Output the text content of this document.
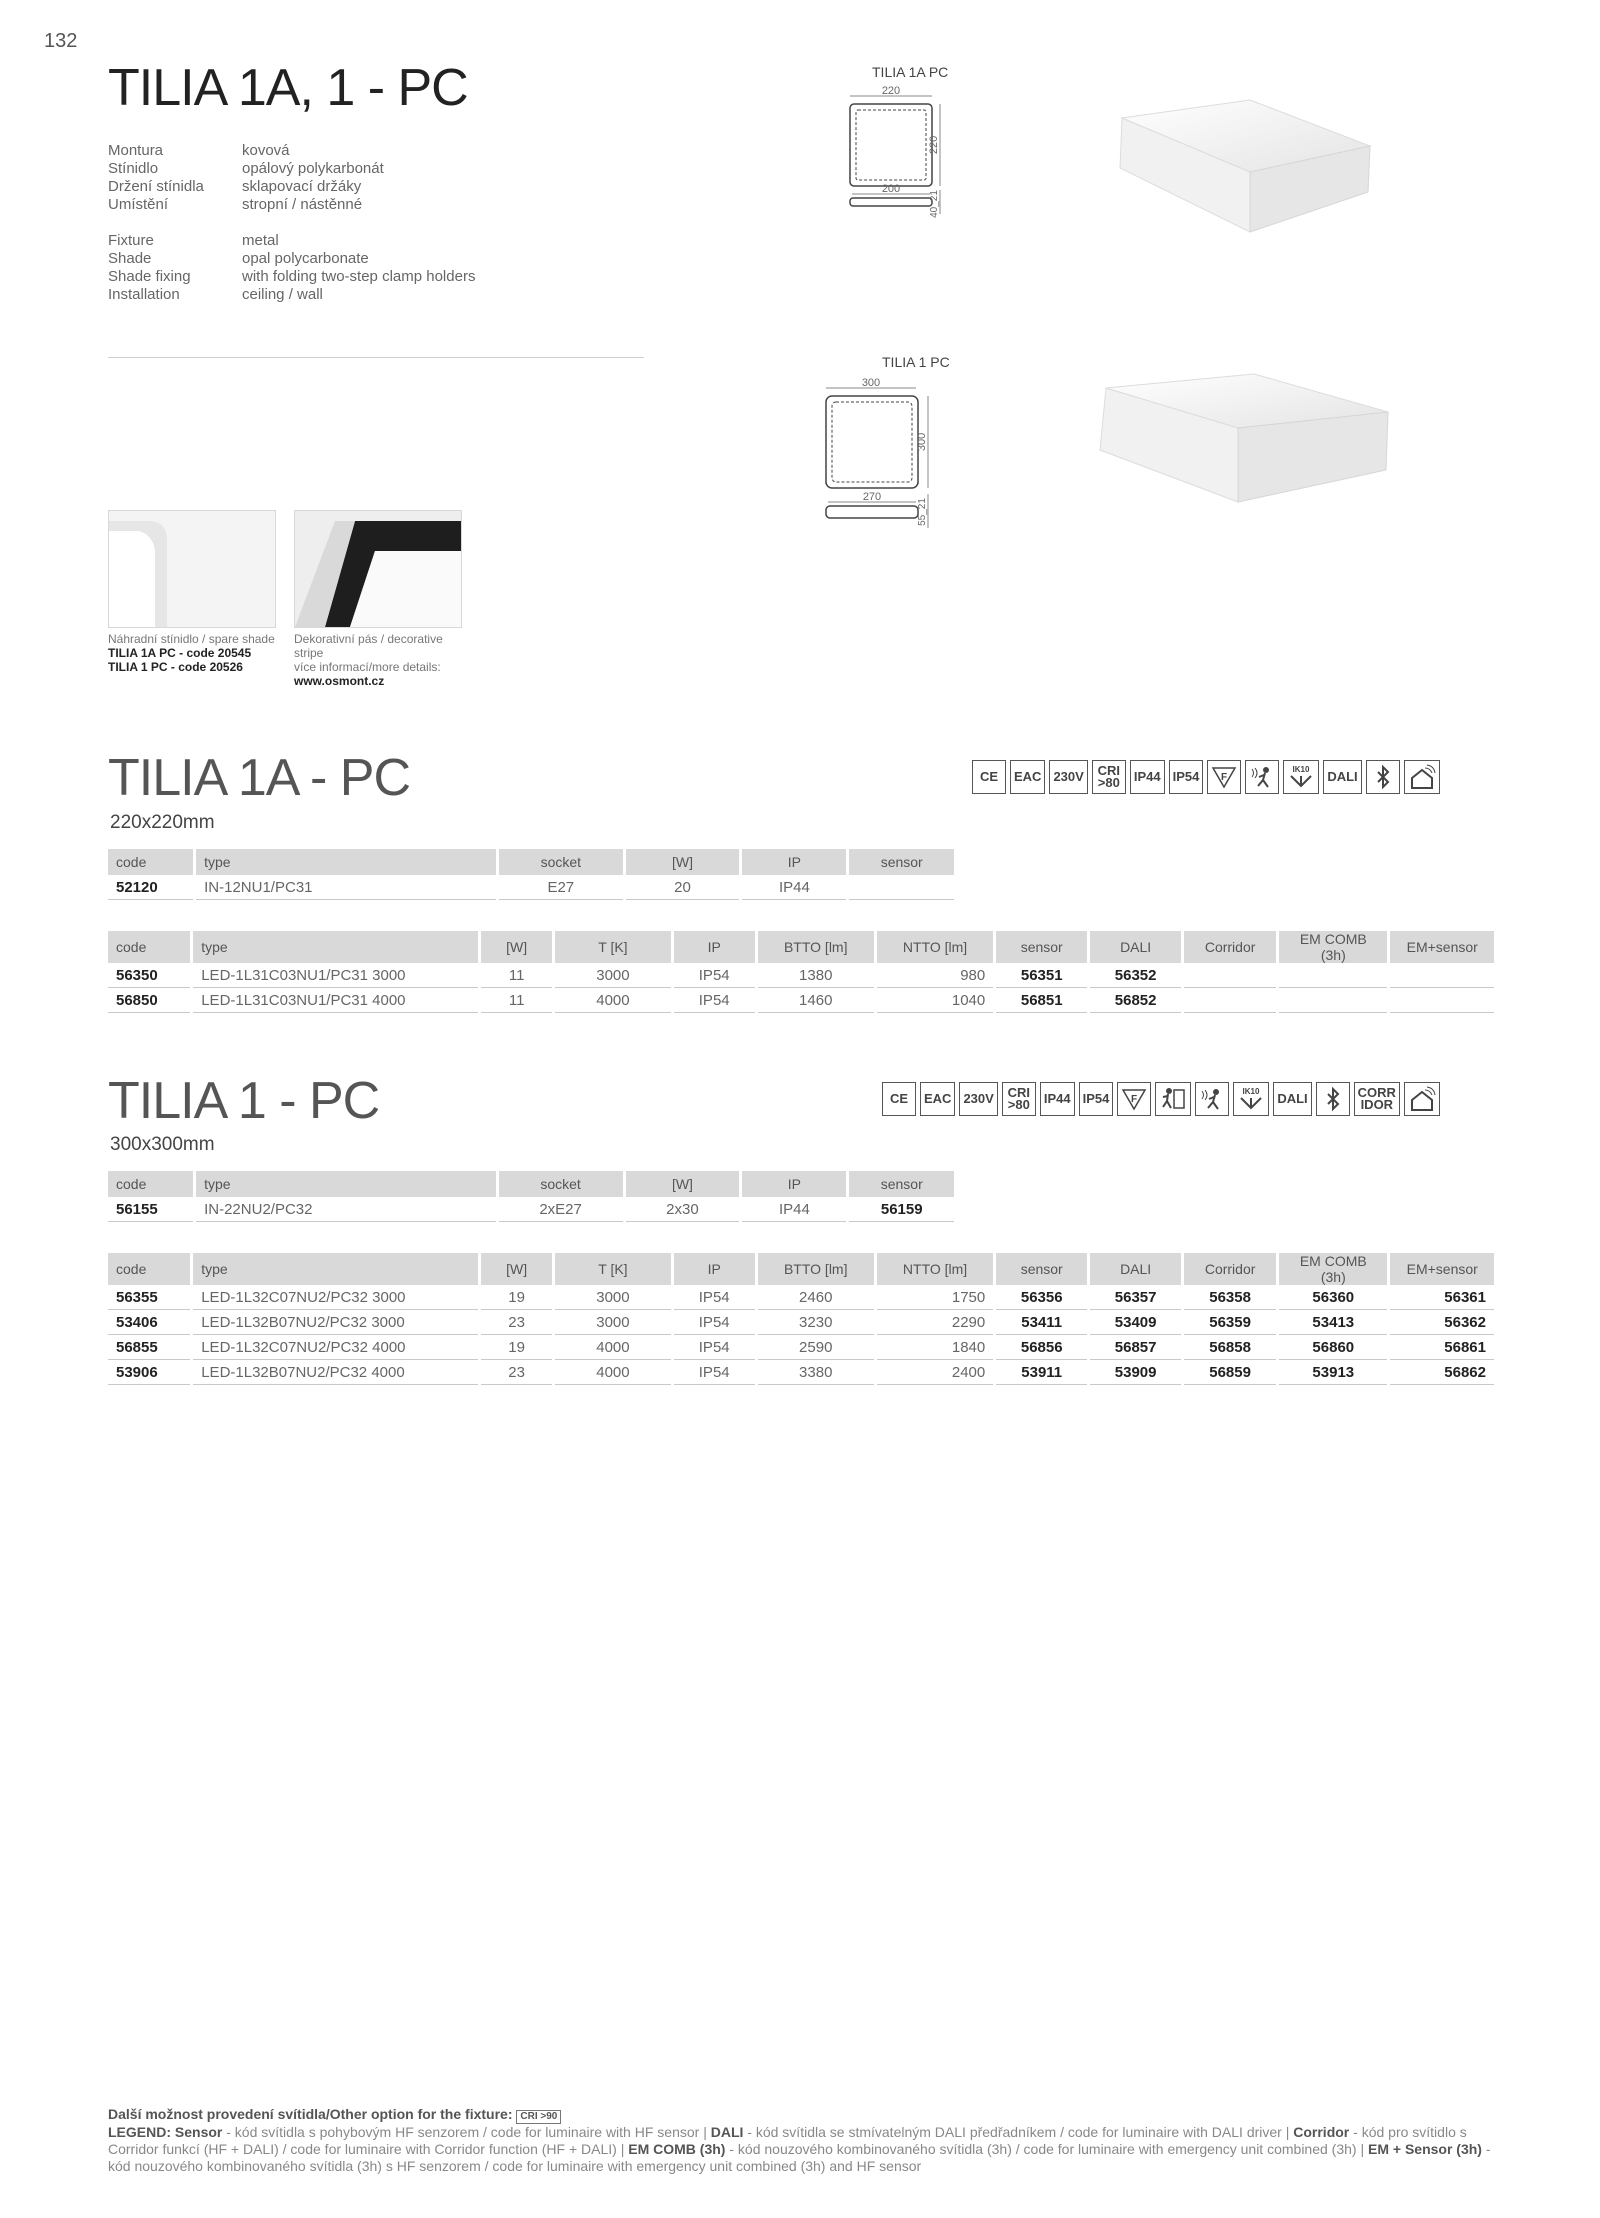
132
TILIA 1A, 1 - PC
Montura	kovová
Stínidlo	opálový polykarbonát
Držení stínidla	sklapovací držáky
Umístění	stropní / nástěnné
Fixture	metal
Shade	opal polycarbonate
Shade fixing	with folding two-step clamp holders
Installation	ceiling / wall
TILIA 1A PC
220
220
200
40_21
TILIA 1 PC
300
300
270
55_21
Náhradní stínidlo / spare shade
TILIA 1A PC - code 20545
TILIA 1 PC - code 20526
Dekorativní pás / decorative
stripe
více informací/more details:
www.osmont.cz
TILIA 1A - PC
220x220mm
CE	EAC 230V	CRI
>80	IP44 IP54	F
IK10	DALI
code	type	socket	[W]	IP	sensor
52120	IN-12NU1/PC31	E27	20	IP44	
code	type	[W]	T [K]	IP	BTTO [lm]	NTTO [lm]	sensor	DALI	Corridor	EM COMB (3h)	EM+sensor
56350	LED-1L31C03NU1/PC31 3000	11	3000	IP54	1380	980	56351	56352			
56850	LED-1L31C03NU1/PC31 4000	11	4000	IP54	1460	1040	56851	56852			
TILIA 1 - PC
300x300mm
CE	EAC 230V	CRI
>80	IP44 IP54	F
IK10	DALI	CORR
IDOR
code	type	socket	[W]	IP	sensor
56155	IN-22NU2/PC32	2xE27	2x30	IP44	56159
code	type	[W]	T [K]	IP	BTTO [lm]	NTTO [lm]	sensor	DALI	Corridor	EM COMB (3h)	EM+sensor
56355	LED-1L32C07NU2/PC32 3000	19	3000	IP54	2460	1750	56356	56357	56358	56360	56361
53406	LED-1L32B07NU2/PC32 3000	23	3000	IP54	3230	2290	53411	53409	56359	53413	56362
56855	LED-1L32C07NU2/PC32 4000	19	4000	IP54	2590	1840	56856	56857	56858	56860	56861
53906	LED-1L32B07NU2/PC32 4000	23	4000	IP54	3380	2400	53911	53909	56859	53913	56862
Další možnost provedení svítidla/Other option for the fixture: CRI >90
LEGEND: Sensor - kód svítidla s pohybovým HF senzorem / code for luminaire with HF sensor | DALI - kód svítidla se stmívatelným DALI předřadníkem / code for luminaire with DALI driver | Corridor - kód pro svítidlo s Corridor funkcí (HF + DALI) / code for luminaire with Corridor function (HF + DALI) | EM COMB (3h) - kód nouzového kombinovaného svítidla (3h) / code for luminaire with emergency unit combined (3h) | EM + Sensor (3h) - kód nouzového kombinovaného svítidla (3h) s HF senzorem / code for luminaire with emergency unit combined (3h) and HF sensor
